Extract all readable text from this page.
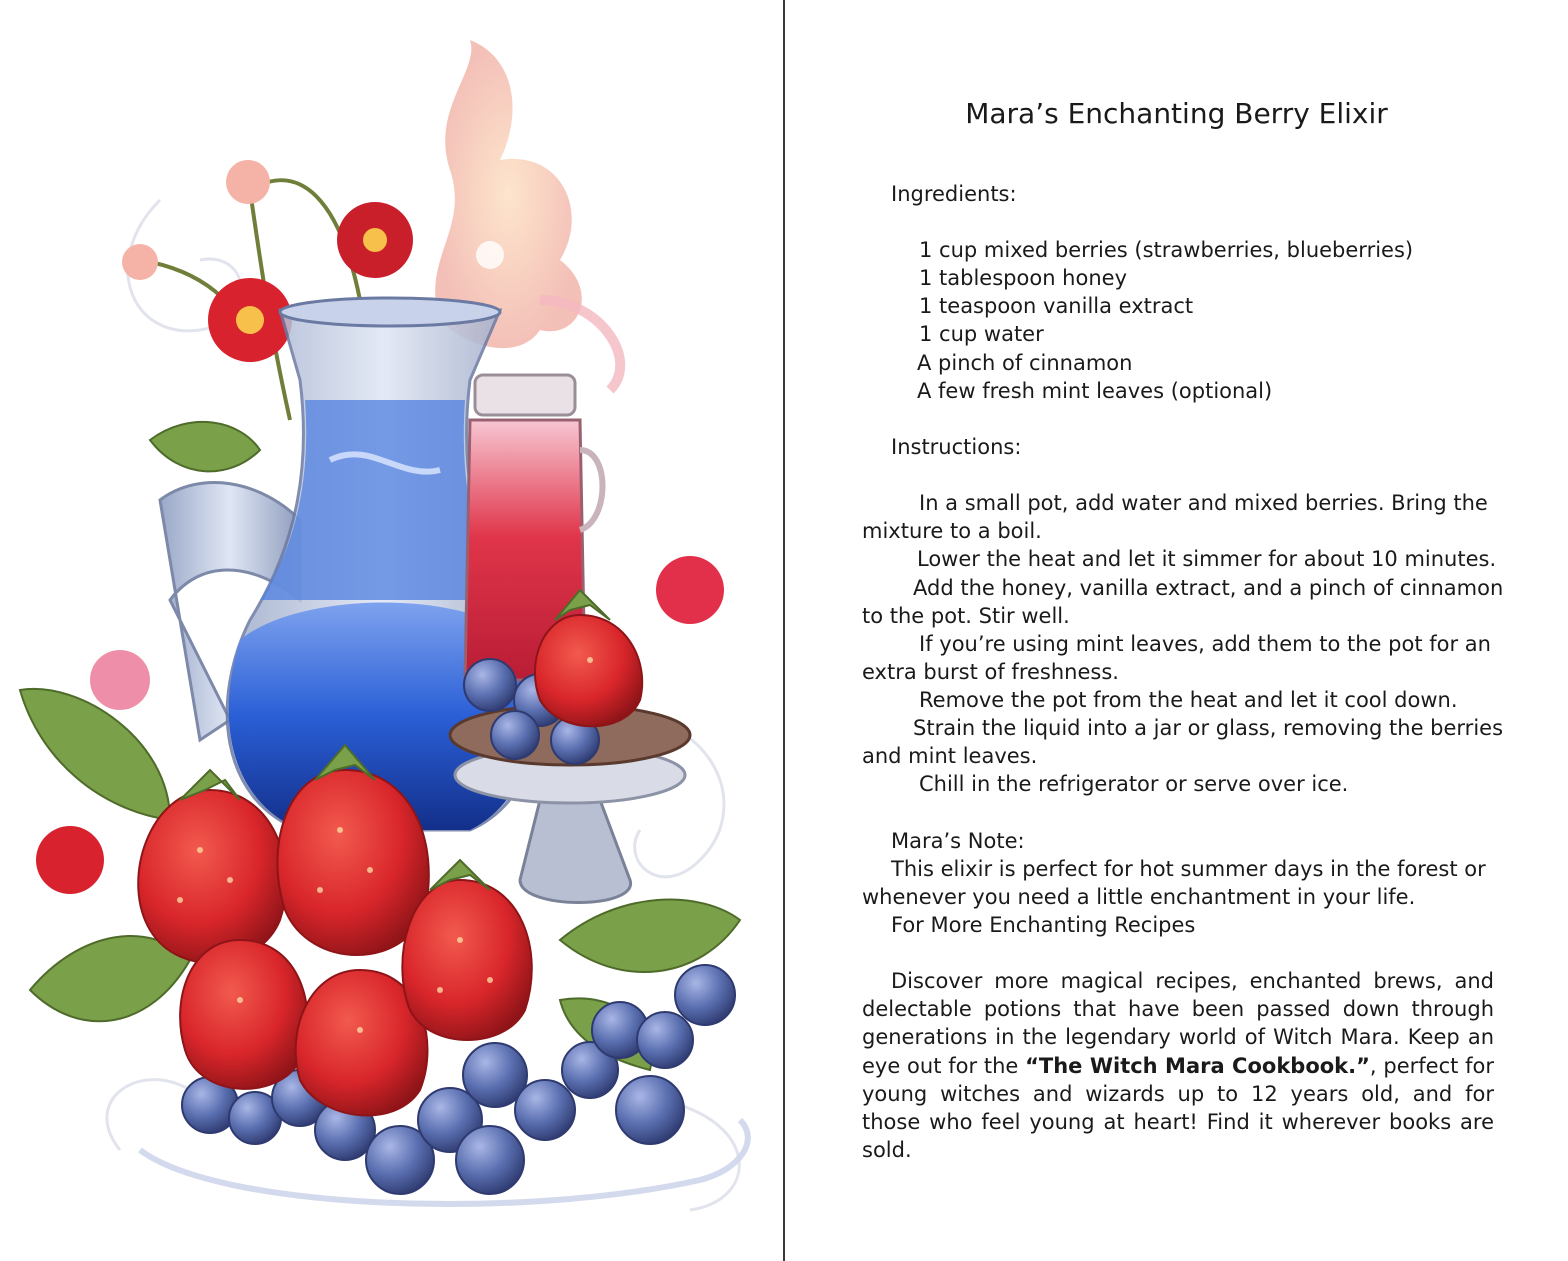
Mara’s Enchanting Berry Elixir
Ingredients:
1 cup mixed berries (strawberries, blueberries)
1 tablespoon honey
1 teaspoon vanilla extract
1 cup water
A pinch of cinnamon
A few fresh mint leaves (optional)
Instructions:
In a small pot, add water and mixed berries. Bring the
mixture to a boil.
Lower the heat and let it simmer for about 10 minutes.
Add the honey, vanilla extract, and a pinch of cinnamon
to the pot. Stir well.
If you’re using mint leaves, add them to the pot for an
extra burst of freshness.
Remove the pot from the heat and let it cool down.
Strain the liquid into a jar or glass, removing the berries
and mint leaves.
Chill in the refrigerator or serve over ice.
Mara’s Note:
This elixir is perfect for hot summer days in the forest or
whenever you need a little enchantment in your life.
For More Enchanting Recipes
Discover more magical recipes, enchanted brews, and delectable potions that have been passed down through generations in the legendary world of Witch Mara. Keep an eye out for the “The Witch Mara Cookbook.”, perfect for young witches and wizards up to 12 years old, and for those who feel young at heart! Find it wherever books are sold.
